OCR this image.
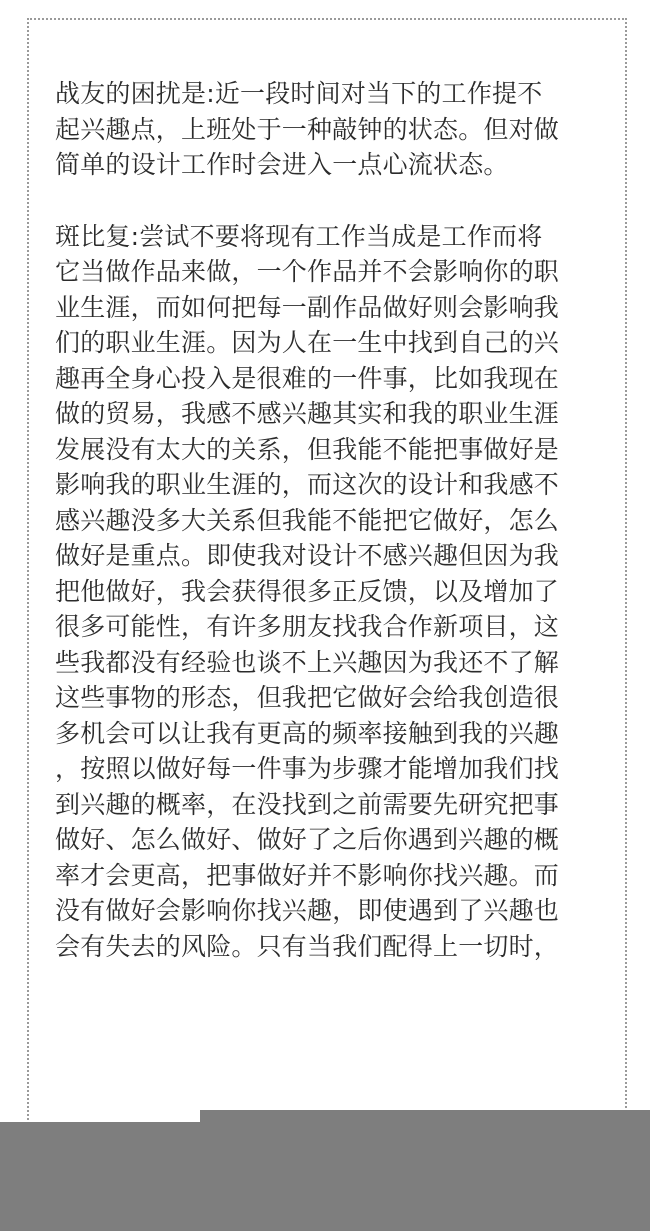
战友的困扰是:近一段时间对当下的工作提不
起兴趣点，上班处于一种敲钟的状态。但对做
简单的设计工作时会进入一点心流状态。

斑比复:尝试不要将现有工作当成是工作而将
它当做作品来做，一个作品并不会影响你的职
业生涯，而如何把每一副作品做好则会影响我
们的职业生涯。因为人在一生中找到自己的兴
趣再全身心投入是很难的一件事，比如我现在
做的贸易，我感不感兴趣其实和我的职业生涯
发展没有太大的关系，但我能不能把事做好是
影响我的职业生涯的，而这次的设计和我感不
感兴趣没多大关系但我能不能把它做好，怎么
做好是重点。即使我对设计不感兴趣但因为我
把他做好，我会获得很多正反馈，以及增加了
很多可能性，有许多朋友找我合作新项目，这
些我都没有经验也谈不上兴趣因为我还不了解
这些事物的形态，但我把它做好会给我创造很
多机会可以让我有更高的频率接触到我的兴趣
，按照以做好每一件事为步骤才能增加我们找
到兴趣的概率，在没找到之前需要先研究把事
做好、怎么做好、做好了之后你遇到兴趣的概
率才会更高，把事做好并不影响你找兴趣。而
没有做好会影响你找兴趣，即使遇到了兴趣也
会有失去的风险。只有当我们配得上一切时，
